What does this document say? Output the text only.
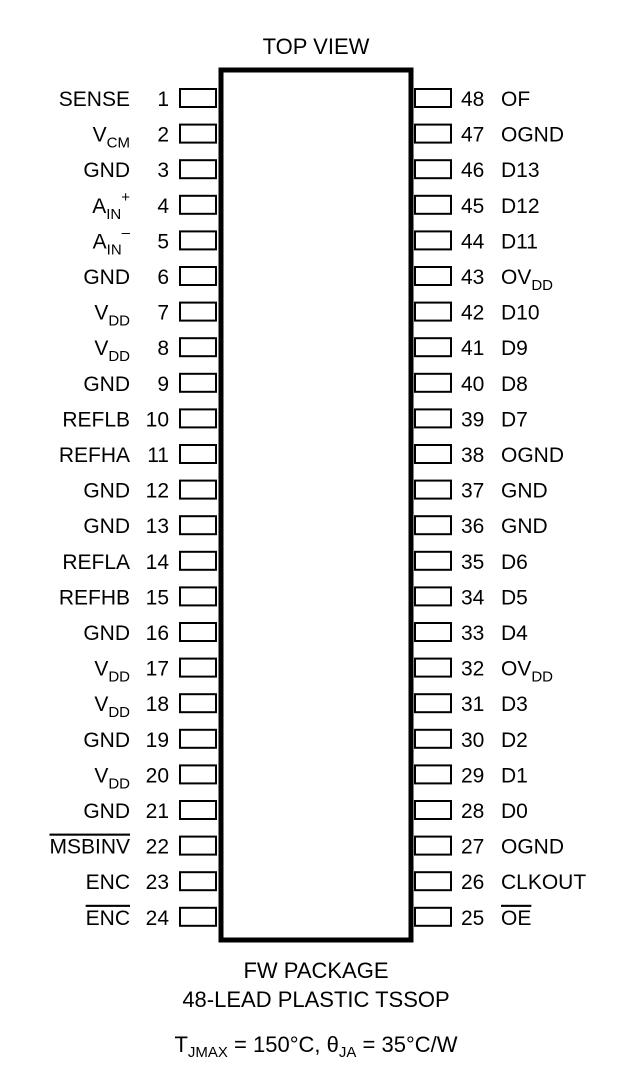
TOP VIEW
1
SENSE
2
$V_{CM}$
3
GND
4
$A_{IN}^+$
5
$A_{IN}^-$
6
GND
7
$V_{DD}$
8
$V_{DD}$
9
GND
10
REFLB
11
REFHA
12
GND
13
GND
14
REFLA
15
REFHB
16
GND
17
$V_{DD}$
18
$V_{DD}$
19
GND
20
$V_{DD}$
21
GND
22
MSBINV
23
ENC
24
ENC
48 OF
47 OGND
46 D13
45 D12
44 D11
43 $OV_{DD}$
42 D10
41 D9
40 D8
39 D7
38 OGND
37 GND
36 GND
35 D6
34 D5
33 D4
32 $OV_{DD}$
31 D3
30 D2
29 D1
28 D0
27 OGND
26 CLKOUT
25 OE
FW PACKAGE
48-LEAD PLASTIC TSSOP
$T_{JMAX} = 150^\circ C$, $\theta_{JA} = 35^\circ C/W$
